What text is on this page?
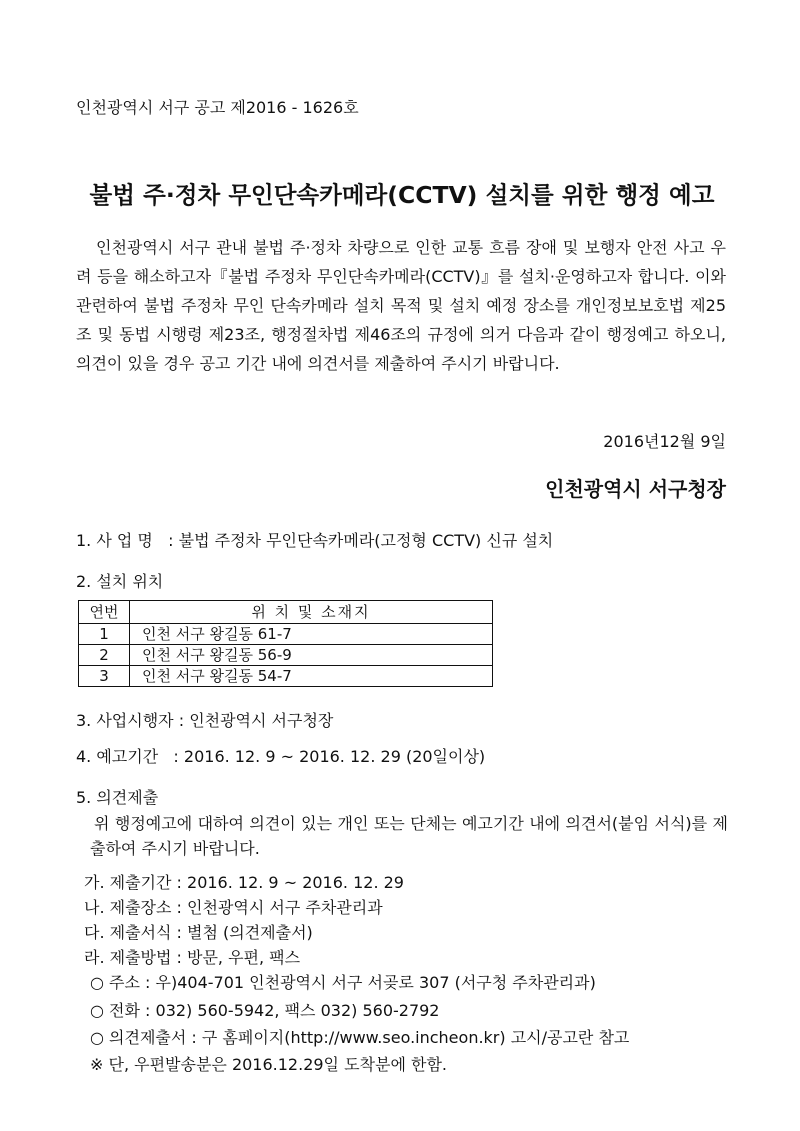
인천광역시 서구 공고 제2016 - 1626호
불법 주·정차 무인단속카메라(CCTV) 설치를 위한 행정 예고
인천광역시 서구 관내 불법 주·정차 차량으로 인한 교통 흐름 장애 및 보행자 안전 사고 우려 등을 해소하고자『불법 주정차 무인단속카메라(CCTV)』를 설치·운영하고자 합니다. 이와 관련하여 불법 주정차 무인 단속카메라 설치 목적 및 설치 예정 장소를 개인정보보호법 제25조 및 동법 시행령 제23조, 행정절차법 제46조의 규정에 의거 다음과 같이 행정예고 하오니, 의견이 있을 경우 공고 기간 내에 의견서를 제출하여 주시기 바랍니다.
2016년12월 9일
인천광역시 서구청장
1. 사 업 명   : 불법 주정차 무인단속카메라(고정형 CCTV) 신규 설치
2. 설치 위치
연번	위 치 및 소재지
1	인천 서구 왕길동 61-7
2	인천 서구 왕길동 56-9
3	인천 서구 왕길동 54-7
3. 사업시행자 : 인천광역시 서구청장
4. 예고기간   : 2016. 12. 9 ~ 2016. 12. 29 (20일이상)
5. 의견제출
위 행정예고에 대하여 의견이 있는 개인 또는 단체는 예고기간 내에 의견서(붙임 서식)를 제출하여 주시기 바랍니다.
가. 제출기간 : 2016. 12. 9 ~ 2016. 12. 29
나. 제출장소 : 인천광역시 서구 주차관리과
다. 제출서식 : 별첨 (의견제출서)
라. 제출방법 : 방문, 우편, 팩스
○ 주소 : 우)404-701 인천광역시 서구 서곶로 307 (서구청 주차관리과)
○ 전화 : 032) 560-5942, 팩스 032) 560-2792
○ 의견제출서 : 구 홈페이지(http://www.seo.incheon.kr) 고시/공고란 참고
※ 단, 우편발송분은 2016.12.29일 도착분에 한함.
